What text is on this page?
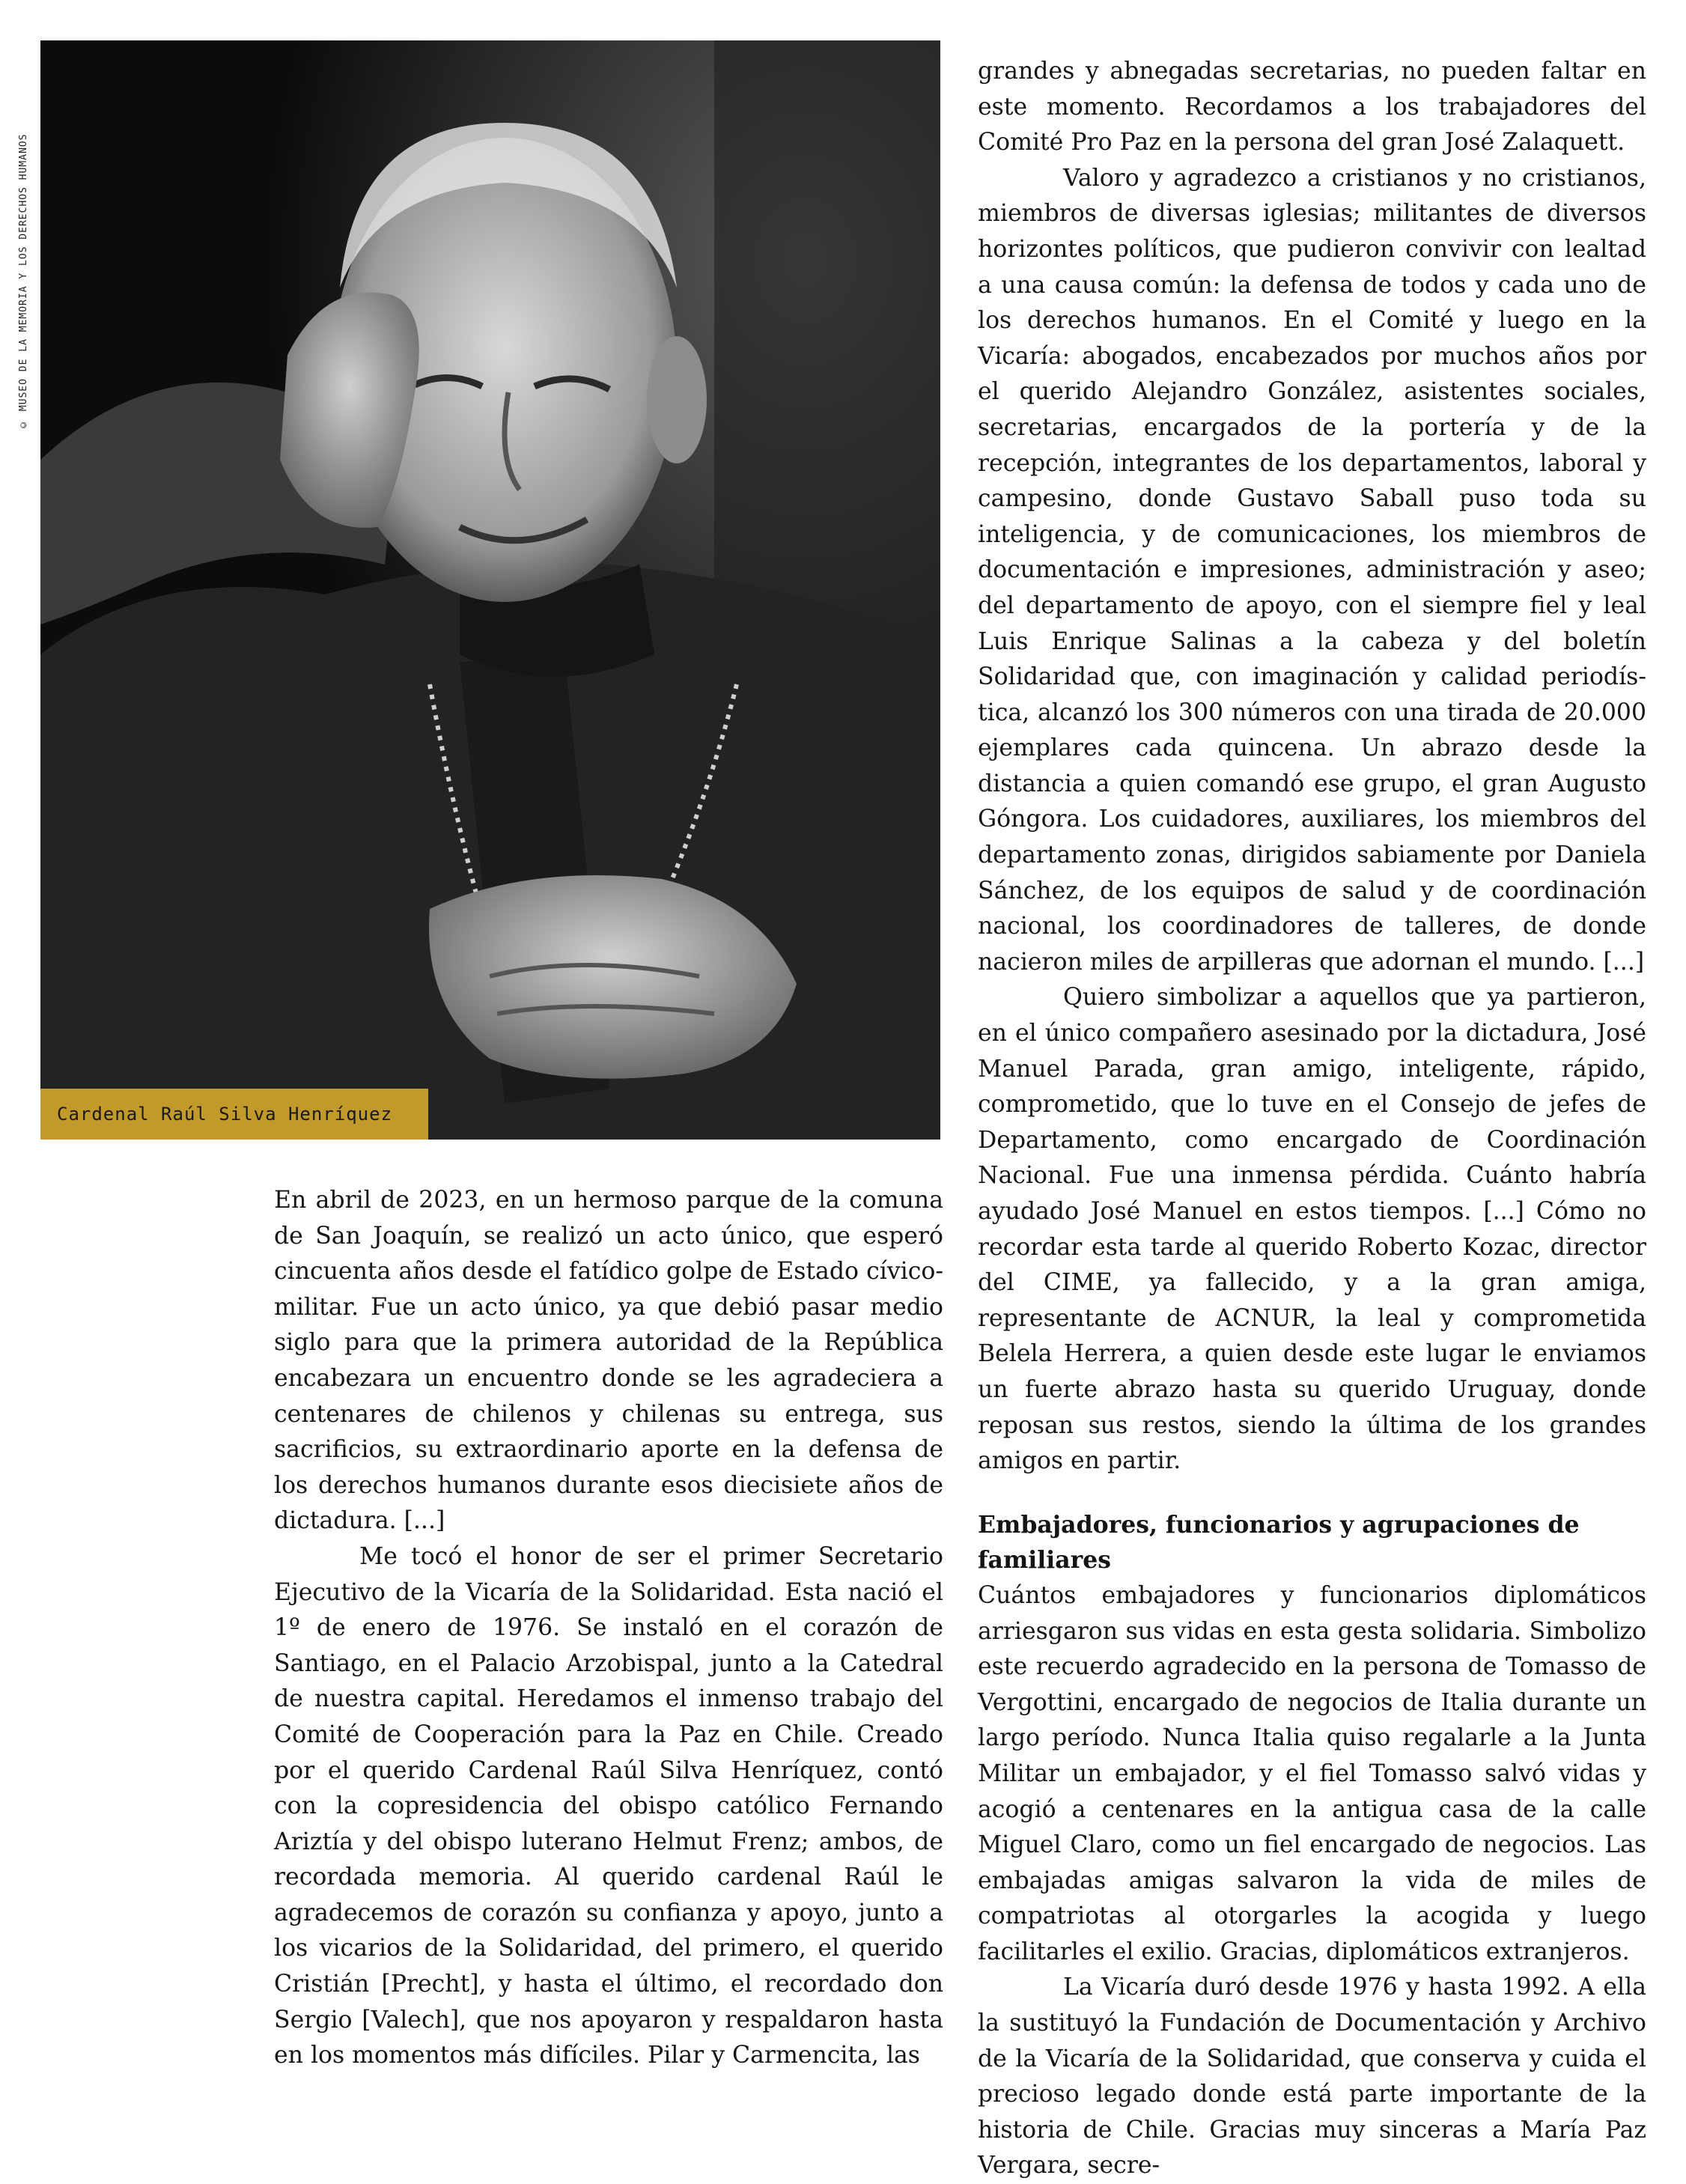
© MUSEO DE LA MEMORIA Y LOS DERECHOS HUMANOS
Cardenal Raúl Silva Henríquez

En abril de 2023, en un hermoso parque de la comuna de San Joaquín, se realizó un acto único, que esperó cincuenta años desde el fatídico golpe de Estado cívico-militar. Fue un acto único, ya que debió pasar medio siglo para que la primera autoridad de la República encabezara un encuentro donde se les agradeciera a centenares de chilenos y chilenas su entrega, sus sacrificios, su extraordinario aporte en la defensa de los derechos humanos durante esos diecisiete años de dictadura. [...]

Me tocó el honor de ser el primer Secretario Ejecutivo de la Vicaría de la Solidaridad. Esta nació el 1º de enero de 1976. Se instaló en el corazón de Santiago, en el Palacio Arzobispal, junto a la Catedral de nuestra capital. Heredamos el inmenso trabajo del Comité de Cooperación para la Paz en Chile. Creado por el querido Cardenal Raúl Silva Henríquez, contó con la copresidencia del obispo católico Fernando Ariztía y del obispo luterano Helmut Frenz; ambos, de recordada memoria. Al querido cardenal Raúl le agradecemos de corazón su confianza y apoyo, junto a los vicarios de la Solidaridad, del primero, el querido Cristián [Precht], y hasta el último, el recordado don Sergio [Valech], que nos apoyaron y respaldaron hasta en los momentos más difíciles. Pilar y Carmencita, las

grandes y abnegadas secretarias, no pueden faltar en este momento. Recordamos a los trabajadores del Comité Pro Paz en la persona del gran José Zalaquett.

Valoro y agradezco a cristianos y no cristianos, miembros de diversas iglesias; militantes de diversos horizontes políticos, que pudieron convivir con lealtad a una causa común: la defensa de todos y cada uno de los derechos humanos. En el Comité y luego en la Vicaría: abogados, encabezados por muchos años por el querido Alejandro González, asistentes sociales, secretarias, encargados de la portería y de la recepción, integrantes de los departamentos, laboral y campesino, donde Gustavo Saball puso toda su inteligencia, y de comunicaciones, los miembros de documentación e impresiones, administración y aseo; del departamento de apoyo, con el siempre fiel y leal Luis Enrique Salinas a la cabeza y del boletín Solidaridad que, con imaginación y calidad periodística, alcanzó los 300 números con una tirada de 20.000 ejemplares cada quincena. Un abrazo desde la distancia a quien comandó ese grupo, el gran Augusto Góngora. Los cuidadores, auxiliares, los miembros del departamento zonas, dirigidos sabiamente por Daniela Sánchez, de los equipos de salud y de coordinación nacional, los coordinadores de talleres, de donde nacieron miles de arpilleras que adornan el mundo. [...]

Quiero simbolizar a aquellos que ya partieron, en el único compañero asesinado por la dictadura, José Manuel Parada, gran amigo, inteligente, rápido, comprometido, que lo tuve en el Consejo de jefes de Departamento, como encargado de Coordinación Nacional. Fue una inmensa pérdida. Cuánto habría ayudado José Manuel en estos tiempos. [...] Cómo no recordar esta tarde al querido Roberto Kozac, director del CIME, ya fallecido, y a la gran amiga, representante de ACNUR, la leal y comprometida Belela Herrera, a quien desde este lugar le enviamos un fuerte abrazo hasta su querido Uruguay, donde reposan sus restos, siendo la última de los grandes amigos en partir.

Embajadores, funcionarios y agrupaciones de familiares

Cuántos embajadores y funcionarios diplomáticos arriesgaron sus vidas en esta gesta solidaria. Simbolizo este recuerdo agradecido en la persona de Tomasso de Vergottini, encargado de negocios de Italia durante un largo período. Nunca Italia quiso regalarle a la Junta Militar un embajador, y el fiel Tomasso salvó vidas y acogió a centenares en la antigua casa de la calle Miguel Claro, como un fiel encargado de negocios. Las embajadas amigas salvaron la vida de miles de compatriotas al otorgarles la acogida y luego facilitarles el exilio. Gracias, diplomáticos extranjeros.

La Vicaría duró desde 1976 y hasta 1992. A ella la sustituyó la Fundación de Documentación y Archivo de la Vicaría de la Solidaridad, que conserva y cuida el precioso legado donde está parte importante de la historia de Chile. Gracias muy sinceras a María Paz Vergara, secre-
